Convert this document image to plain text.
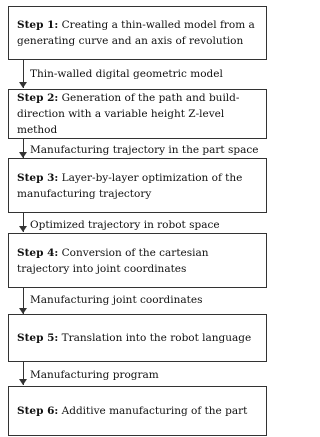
Step 1: Creating a thin-walled model from a generating curve and an axis of revolution
Thin-walled digital geometric model
Step 2: Generation of the path and build-direction with a variable height Z-level method
Manufacturing trajectory in the part space
Step 3: Layer-by-layer optimization of the manufacturing trajectory
Optimized trajectory in robot space
Step 4: Conversion of the cartesian trajectory into joint coordinates
Manufacturing joint coordinates
Step 5: Translation into the robot language
Manufacturing program
Step 6: Additive manufacturing of the part
